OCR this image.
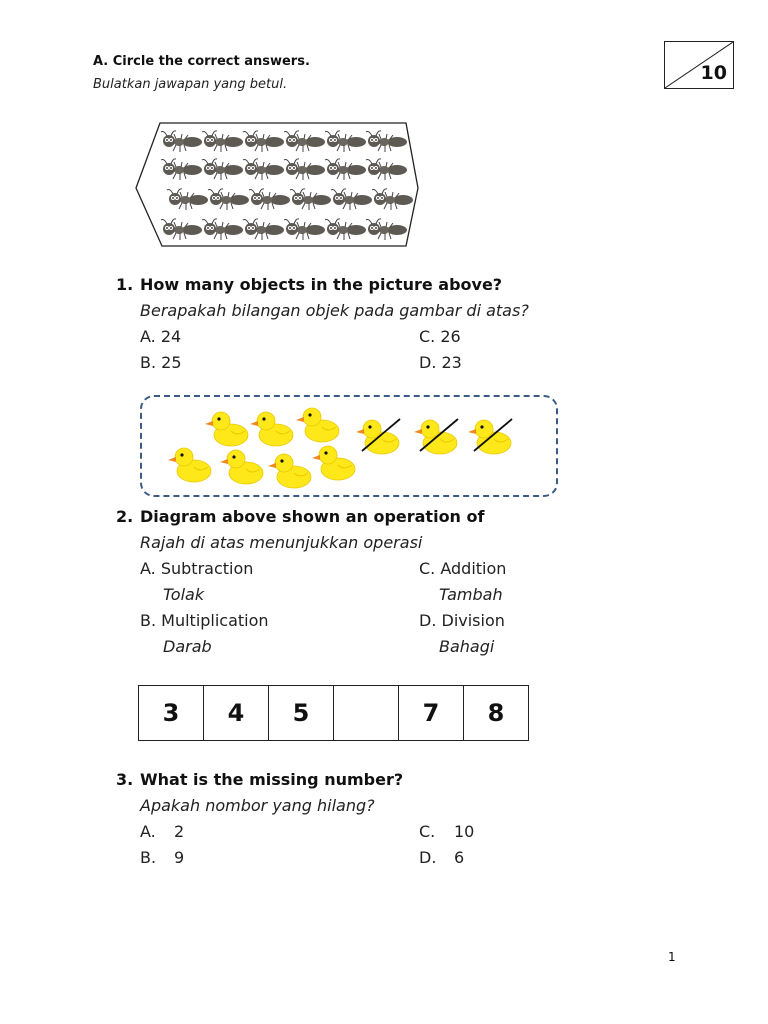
A. Circle the correct answers.
Bulatkan jawapan yang betul.
10
1. How many objects in the picture above?
Berapakah bilangan objek pada gambar di atas?
A. 24	C. 26
B. 25	D. 23
2. Diagram above shown an operation of
Rajah di atas menunjukkan operasi
A. Subtraction
Tolak
C. Addition
Tambah
B. Multiplication
Darab
D. Division
Bahagi
3	4	5		7	8
3. What is the missing number?
Apakah nombor yang hilang?
A. 2	C. 10
B. 9	D. 6
1
